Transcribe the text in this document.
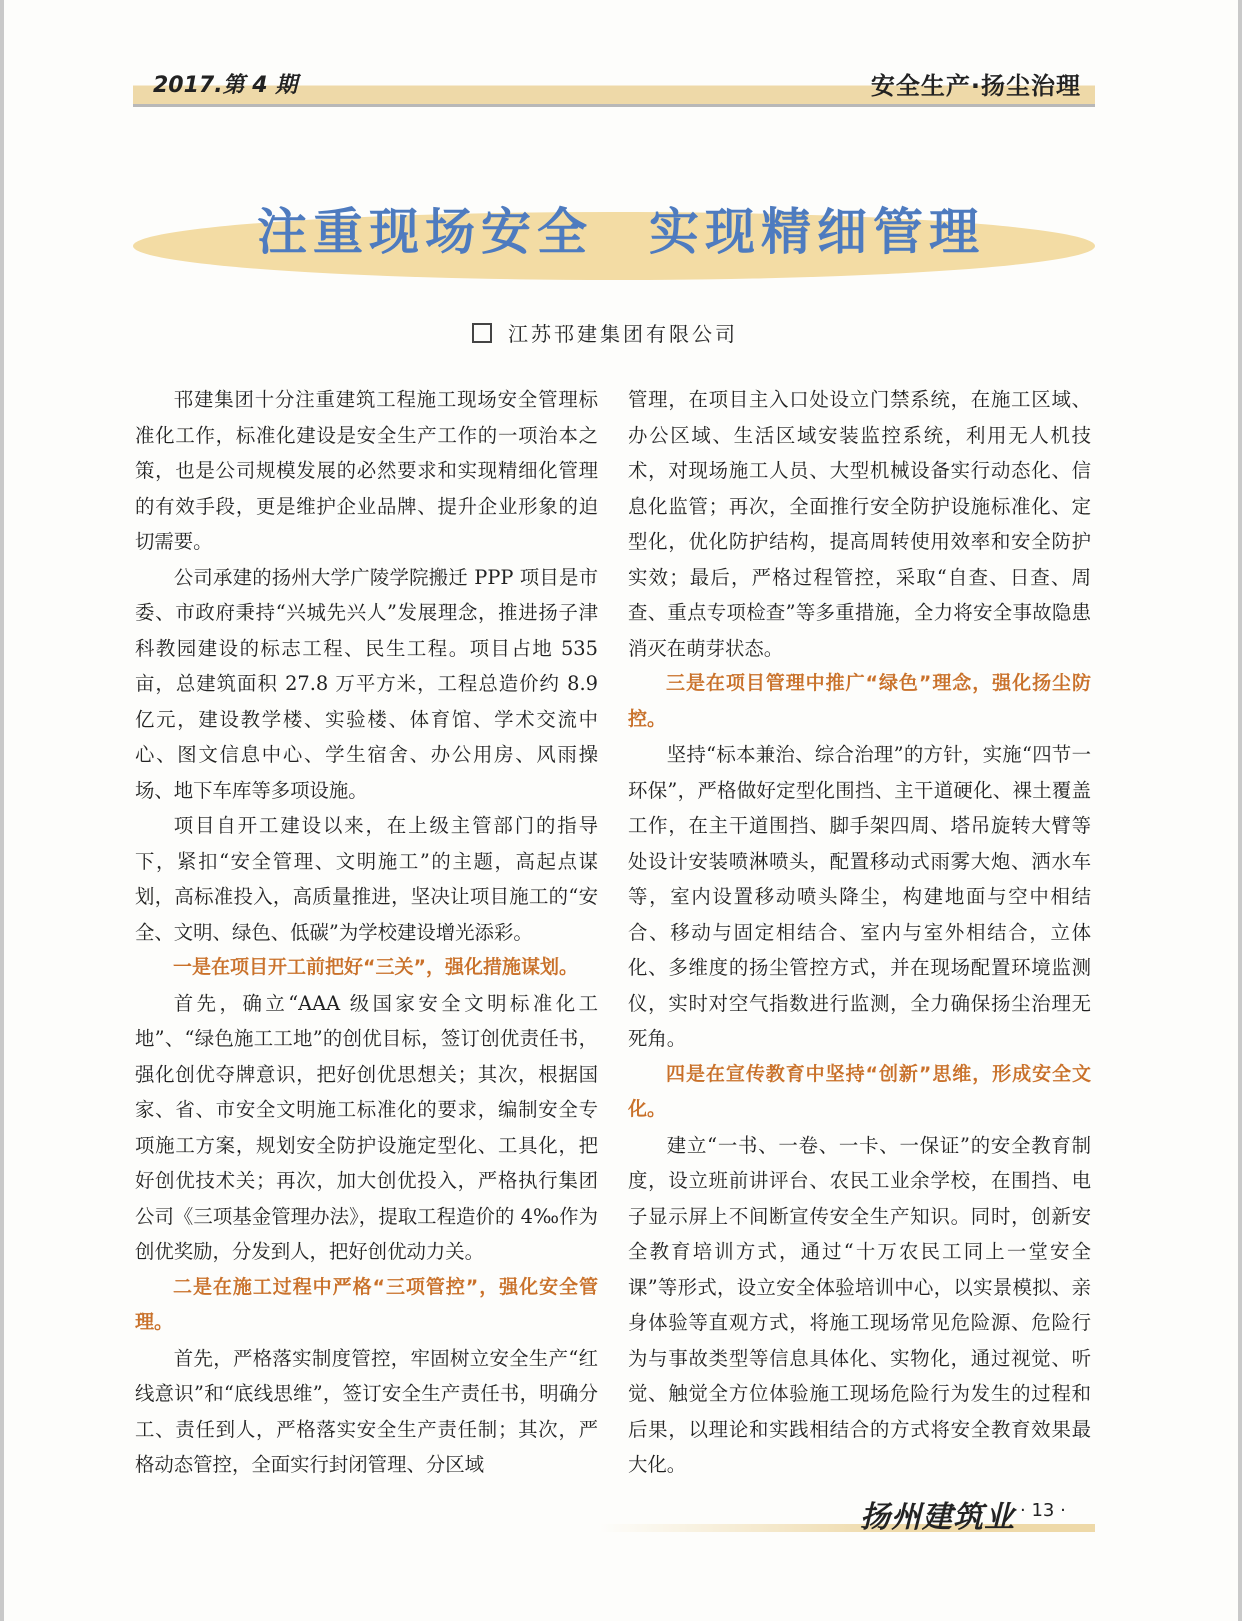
2017.第 4 期	安全生产·扬尘治理
注重现场安全　实现精细管理
江苏邗建集团有限公司

邗建集团十分注重建筑工程施工现场安全管理标准化工作，标准化建设是安全生产工作的一项治本之策，也是公司规模发展的必然要求和实现精细化管理的有效手段，更是维护企业品牌、提升企业形象的迫切需要。

公司承建的扬州大学广陵学院搬迁 PPP 项目是市委、市政府秉持“兴城先兴人”发展理念，推进扬子津科教园建设的标志工程、民生工程。项目占地 535 亩，总建筑面积 27.8 万平方米，工程总造价约 8.9 亿元，建设教学楼、实验楼、体育馆、学术交流中心、图文信息中心、学生宿舍、办公用房、风雨操场、地下车库等多项设施。

项目自开工建设以来，在上级主管部门的指导下，紧扣“安全管理、文明施工”的主题，高起点谋划，高标准投入，高质量推进，坚决让项目施工的“安全、文明、绿色、低碳”为学校建设增光添彩。

一是在项目开工前把好“三关”，强化措施谋划。

首先，确立“AAA 级国家安全文明标准化工地”、“绿色施工工地”的创优目标，签订创优责任书，强化创优夺牌意识，把好创优思想关；其次，根据国家、省、市安全文明施工标准化的要求，编制安全专项施工方案，规划安全防护设施定型化、工具化，把好创优技术关；再次，加大创优投入，严格执行集团公司《三项基金管理办法》，提取工程造价的 4‰作为创优奖励，分发到人，把好创优动力关。

二是在施工过程中严格“三项管控”，强化安全管理。

首先，严格落实制度管控，牢固树立安全生产“红线意识”和“底线思维”，签订安全生产责任书，明确分工、责任到人，严格落实安全生产责任制；其次，严格动态管控，全面实行封闭管理、分区域

管理，在项目主入口处设立门禁系统，在施工区域、办公区域、生活区域安装监控系统，利用无人机技术，对现场施工人员、大型机械设备实行动态化、信息化监管；再次，全面推行安全防护设施标准化、定型化，优化防护结构，提高周转使用效率和安全防护实效；最后，严格过程管控，采取“自查、日查、周查、重点专项检查”等多重措施，全力将安全事故隐患消灭在萌芽状态。

三是在项目管理中推广“绿色”理念，强化扬尘防控。

坚持“标本兼治、综合治理”的方针，实施“四节一环保”，严格做好定型化围挡、主干道硬化、裸土覆盖工作，在主干道围挡、脚手架四周、塔吊旋转大臂等处设计安装喷淋喷头，配置移动式雨雾大炮、洒水车等，室内设置移动喷头降尘，构建地面与空中相结合、移动与固定相结合、室内与室外相结合，立体化、多维度的扬尘管控方式，并在现场配置环境监测仪，实时对空气指数进行监测，全力确保扬尘治理无死角。

四是在宣传教育中坚持“创新”思维，形成安全文化。

建立“一书、一卷、一卡、一保证”的安全教育制度，设立班前讲评台、农民工业余学校，在围挡、电子显示屏上不间断宣传安全生产知识。同时，创新安全教育培训方式，通过“十万农民工同上一堂安全课”等形式，设立安全体验培训中心，以实景模拟、亲身体验等直观方式，将施工现场常见危险源、危险行为与事故类型等信息具体化、实物化，通过视觉、听觉、触觉全方位体验施工现场危险行为发生的过程和后果，以理论和实践相结合的方式将安全教育效果最大化。

扬州建筑业 · 13 ·
